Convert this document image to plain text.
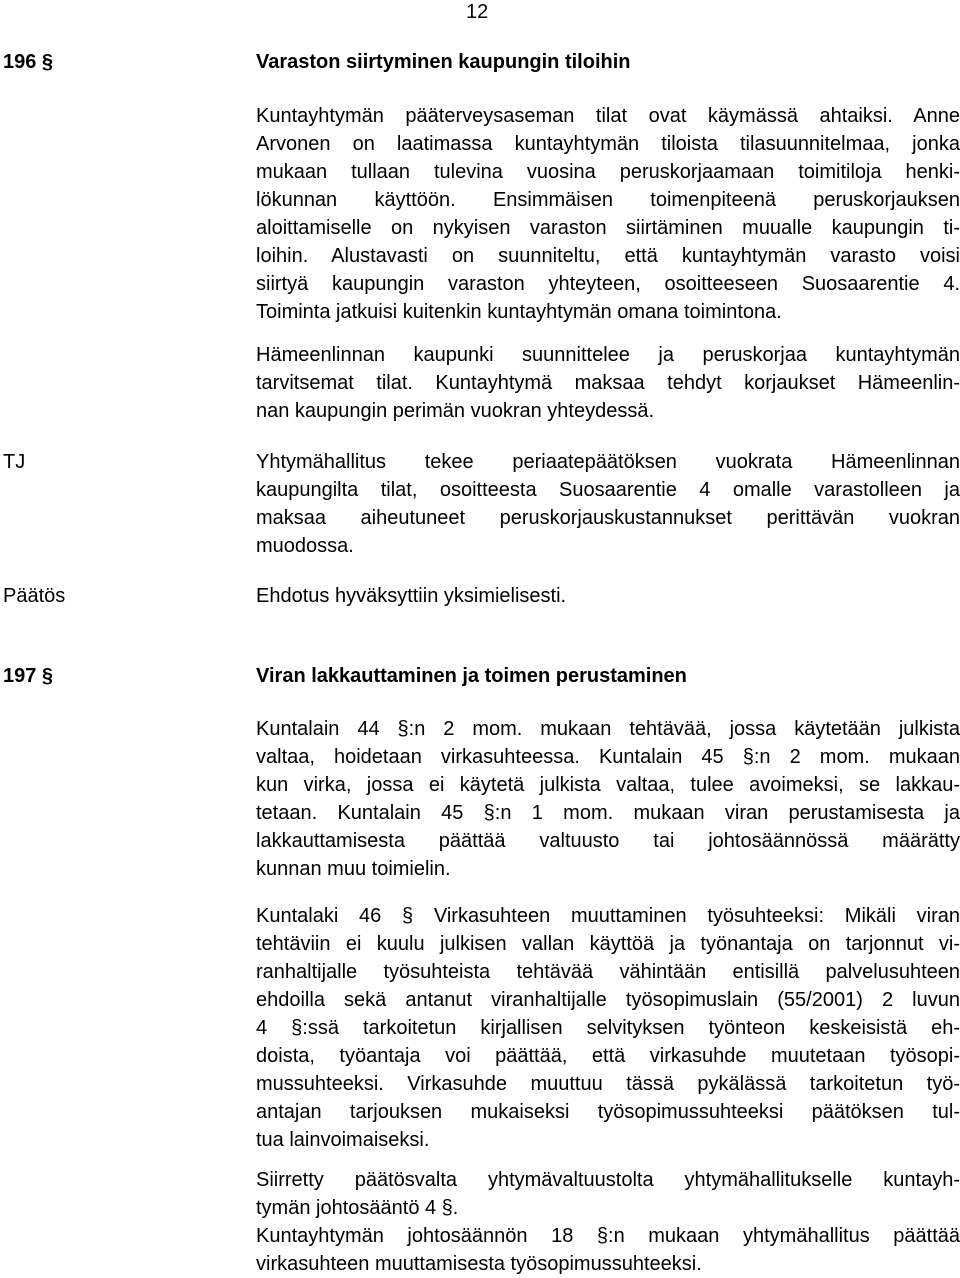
12
196 §	Varaston siirtyminen kaupungin tiloihin
Kuntayhtymän pääterveysaseman tilat ovat käymässä ahtaiksi. Anne
Arvonen on laatimassa kuntayhtymän tiloista tilasuunnitelmaa, jonka
mukaan tullaan tulevina vuosina peruskorjaamaan toimitiloja henki-
lökunnan käyttöön. Ensimmäisen toimenpiteenä peruskorjauksen
aloittamiselle on nykyisen varaston siirtäminen muualle kaupungin ti-
loihin. Alustavasti on suunniteltu, että kuntayhtymän varasto voisi
siirtyä kaupungin varaston yhteyteen, osoitteeseen Suosaarentie 4.
Toiminta jatkuisi kuitenkin kuntayhtymän omana toimintona.
Hämeenlinnan kaupunki suunnittelee ja peruskorjaa kuntayhtymän
tarvitsemat tilat. Kuntayhtymä maksaa tehdyt korjaukset Hämeenlin-
nan kaupungin perimän vuokran yhteydessä.
TJ	Yhtymähallitus tekee periaatepäätöksen vuokrata Hämeenlinnan
kaupungilta tilat, osoitteesta Suosaarentie 4 omalle varastolleen ja
maksaa aiheutuneet peruskorjauskustannukset perittävän vuokran
muodossa.
Päätös	Ehdotus hyväksyttiin yksimielisesti.
197 §	Viran lakkauttaminen ja toimen perustaminen
Kuntalain 44 §:n 2 mom. mukaan tehtävää, jossa käytetään julkista
valtaa, hoidetaan virkasuhteessa. Kuntalain 45 §:n 2 mom. mukaan
kun virka, jossa ei käytetä julkista valtaa, tulee avoimeksi, se lakkau-
tetaan. Kuntalain 45 §:n 1 mom. mukaan viran perustamisesta ja
lakkauttamisesta päättää valtuusto tai johtosäännössä määrätty
kunnan muu toimielin.
Kuntalaki 46 § Virkasuhteen muuttaminen työsuhteeksi: Mikäli viran
tehtäviin ei kuulu julkisen vallan käyttöä ja työnantaja on tarjonnut vi-
ranhaltijalle työsuhteista tehtävää vähintään entisillä palvelusuhteen
ehdoilla sekä antanut viranhaltijalle työsopimuslain (55/2001) 2 luvun
4 §:ssä tarkoitetun kirjallisen selvityksen työnteon keskeisistä eh-
doista, työantaja voi päättää, että virkasuhde muutetaan työsopi-
mussuhteeksi. Virkasuhde muuttuu tässä pykälässä tarkoitetun työ-
antajan tarjouksen mukaiseksi työsopimussuhteeksi päätöksen tul-
tua lainvoimaiseksi.
Siirretty päätösvalta yhtymävaltuustolta yhtymähallitukselle kuntayh-
tymän johtosääntö 4 §.
Kuntayhtymän johtosäännön 18 §:n mukaan yhtymähallitus päättää
virkasuhteen muuttamisesta työsopimussuhteeksi.
